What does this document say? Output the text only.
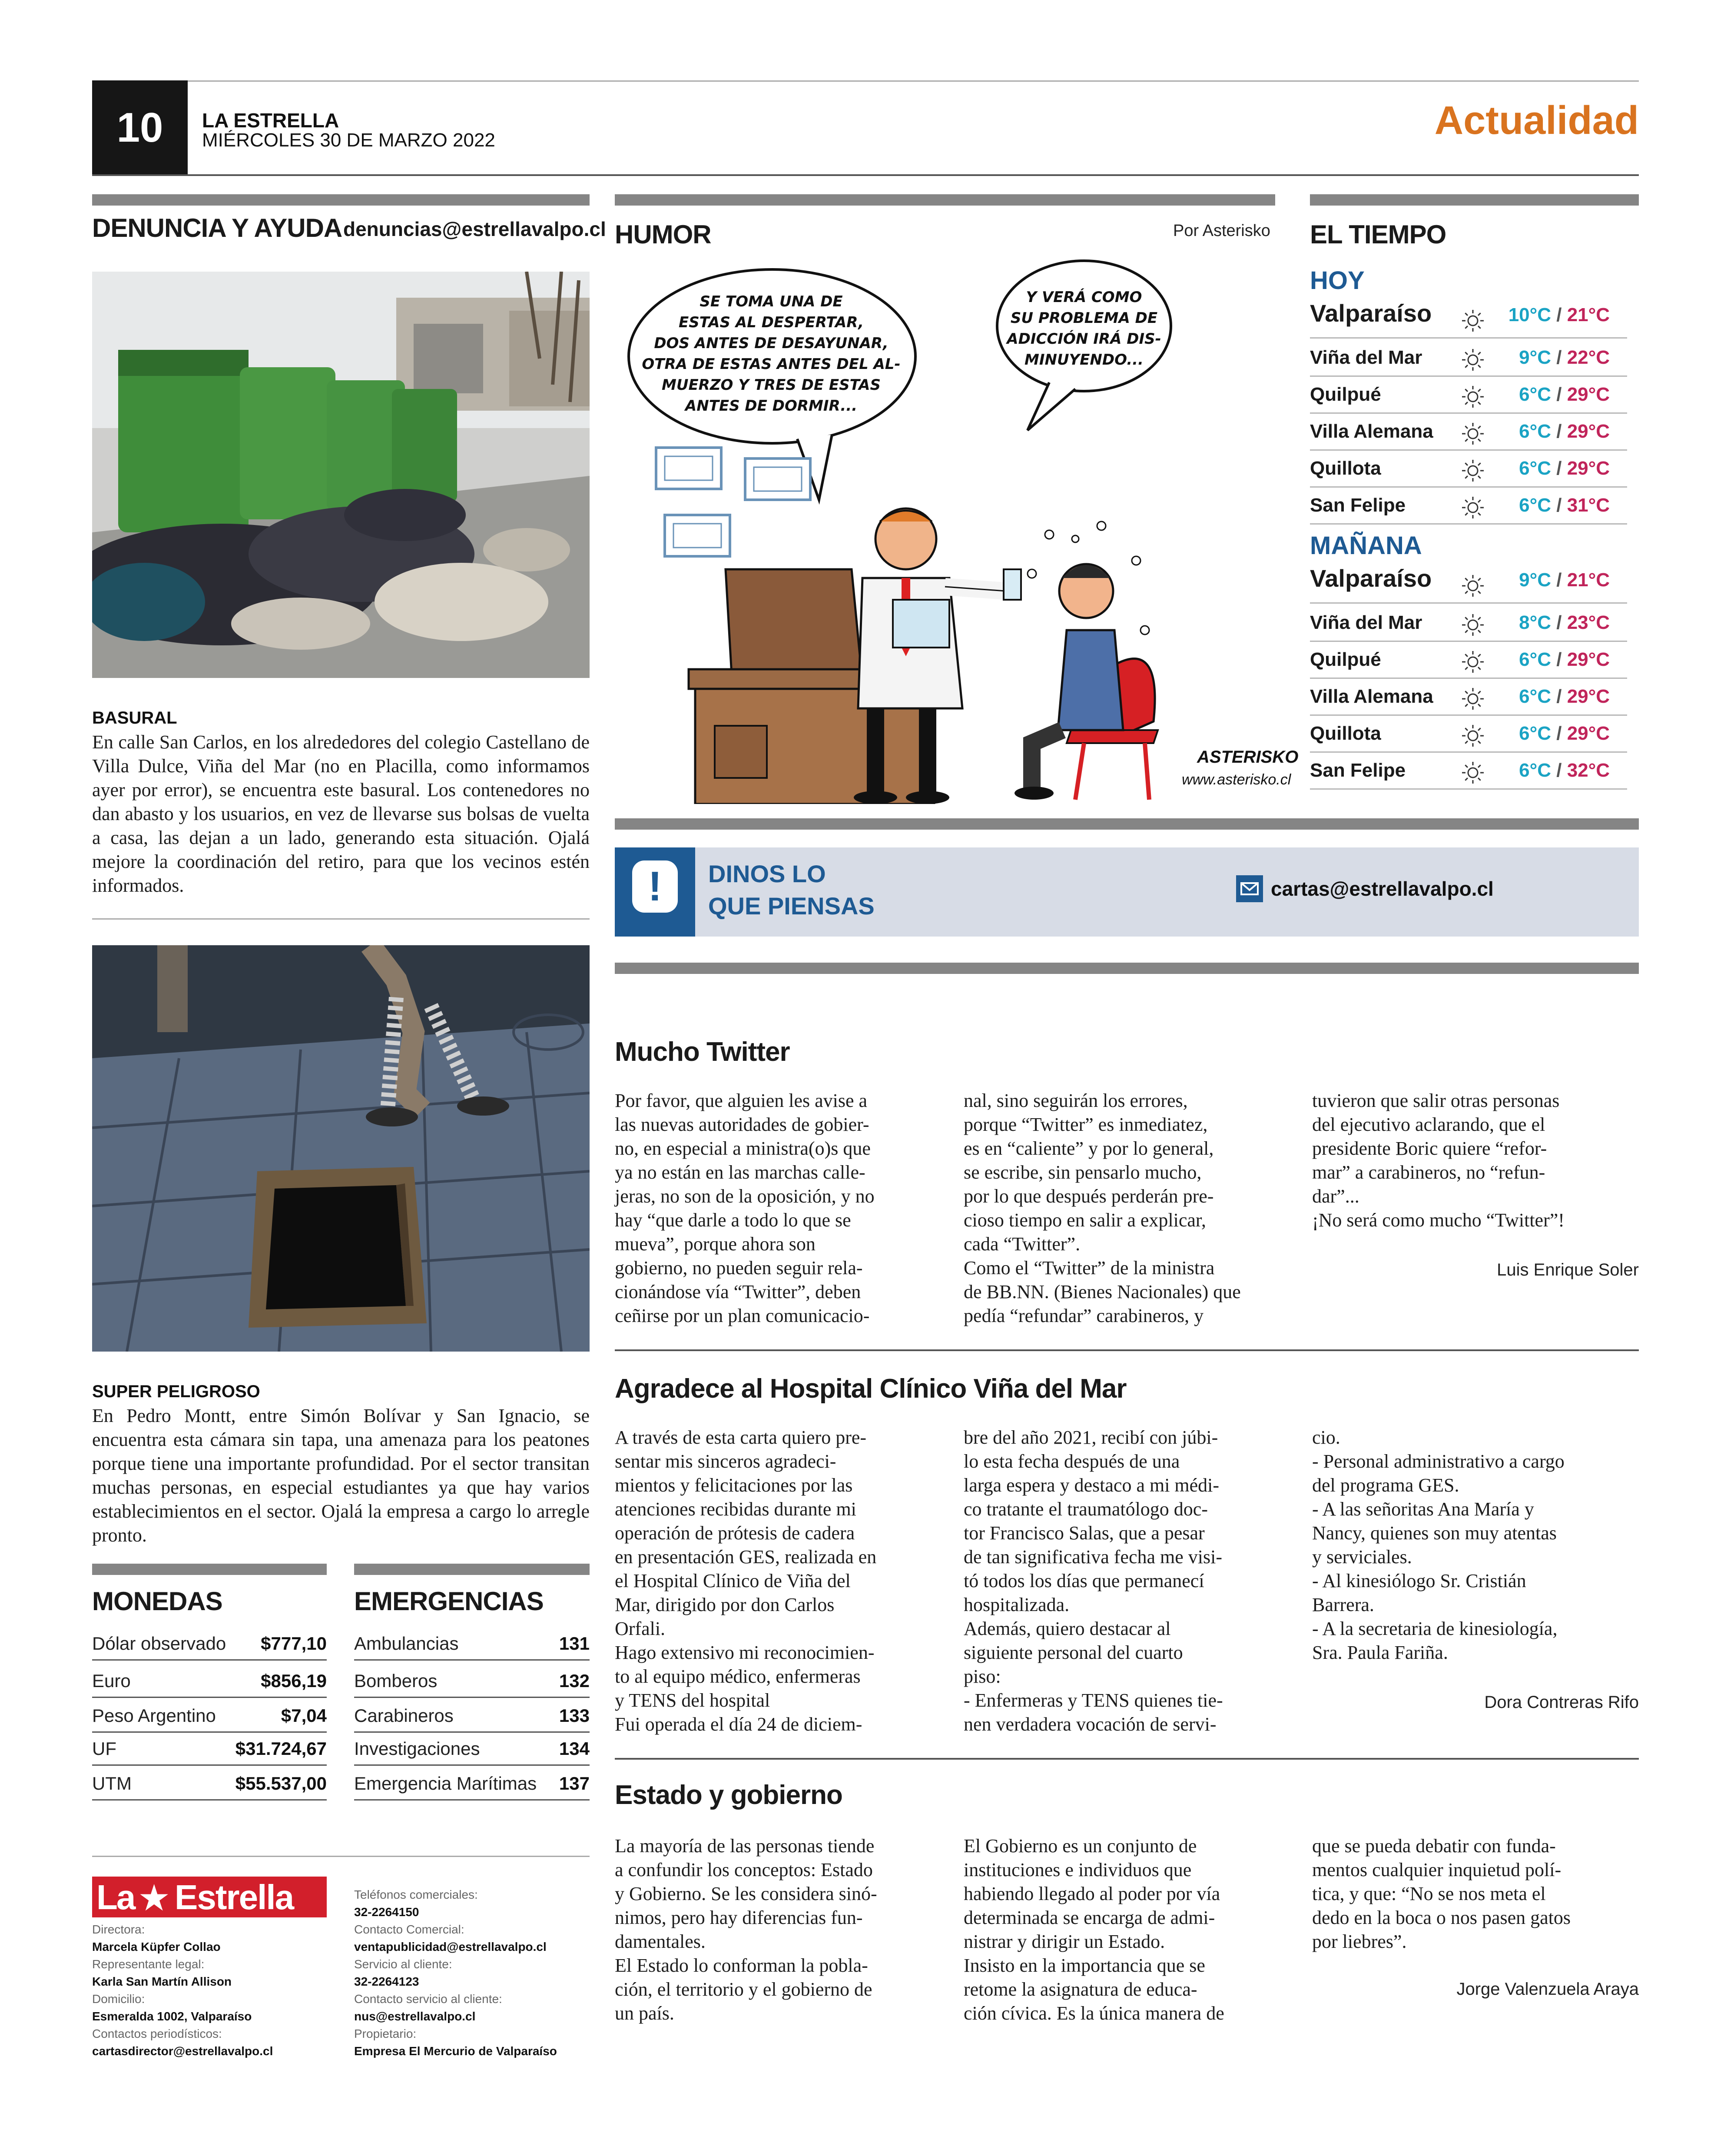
10	LA ESTRELLA
MIÉRCOLES 30 DE MARZO 2022	Actualidad
DENUNCIA Y AYUDA denuncias@estrellavalpo.cl
BASURAL
En calle San Carlos, en los alrededores del colegio Castellano de Villa Dulce, Viña del Mar (no en Placilla, como informamos ayer por error), se encuentra este basural. Los contenedores no dan abasto y los usuarios, en vez de llevarse sus bolsas de vuelta a casa, las dejan a un lado, generando esta situación. Ojalá mejore la coordinación del retiro, para que los vecinos estén informados.
SUPER PELIGROSO
En Pedro Montt, entre Simón Bolívar y San Ignacio, se encuentra esta cámara sin tapa, una amenaza para los peatones porque tiene una importante profundidad. Por el sector transitan muchas personas, en especial estudiantes ya que hay varios establecimientos en el sector. Ojalá la empresa a cargo lo arregle pronto.
MONEDAS
Dólar observado $777,10
Euro	$856,19
Peso Argentino	$7,04
UF	$31.724,67
UTM	$55.537,00
EMERGENCIAS
Ambulancias	131
Bomberos	132
Carabineros	133
Investigaciones	134
Emergencia Marítimas 137
La ★ Estrella
Directora:
Marcela Küpfer Collao
Representante legal:
Karla San Martín Allison
Domicilio:
Esmeralda 1002, Valparaíso
Contactos periodísticos:
cartasdirector@estrellavalpo.cl
Teléfonos comerciales:
32-2264150
Contacto Comercial:
ventapublicidad@estrellavalpo.cl
Servicio al cliente:
32-2264123
Contacto servicio al cliente:
nus@estrellavalpo.cl
Propietario:
Empresa El Mercurio de Valparaíso
HUMOR	Por Asterisko
SE TOMA UNA DE
ESTAS AL DESPERTAR,
DOS ANTES DE DESAYUNAR,
OTRA DE ESTAS ANTES DEL AL-
MUERZO Y TRES DE ESTAS
ANTES DE DORMIR...
Y VERÁ COMO
SU PROBLEMA DE
ADICCIÓN IRÁ DIS-
MINUYENDO...
ASTERISKO
www.asterisko.cl
EL TIEMPO
HOY
MAÑANA
Valparaíso	10°C / 21°C
Viña del Mar	9°C / 22°C
Quilpué	6°C / 29°C
Villa Alemana	6°C / 29°C
Quillota	6°C / 29°C
San Felipe	6°C / 31°C
Valparaíso	9°C / 21°C
Viña del Mar	8°C / 23°C
Quilpué	6°C / 29°C
Villa Alemana	6°C / 29°C
Quillota	6°C / 29°C
San Felipe	6°C / 32°C
!	DINOS LO
QUE PIENSAS
cartas@estrellavalpo.cl
Mucho Twitter
Por favor, que alguien les avise a
las nuevas autoridades de gobier-
no, en especial a ministra(o)s que
ya no están en las marchas calle-
jeras, no son de la oposición, y no
hay “que darle a todo lo que se
mueva”, porque ahora son
gobierno, no pueden seguir rela-
cionándose vía “Twitter”, deben
ceñirse por un plan comunicacio-
nal, sino seguirán los errores,
porque “Twitter” es inmediatez,
es en “caliente” y por lo general,
se escribe, sin pensarlo mucho,
por lo que después perderán pre-
cioso tiempo en salir a explicar,
cada “Twitter”.
Como el “Twitter” de la ministra
de BB.NN. (Bienes Nacionales) que
pedía “refundar” carabineros, y
tuvieron que salir otras personas
del ejecutivo aclarando, que el
presidente Boric quiere “refor-
mar” a carabineros, no “refun-
dar”...
¡No será como mucho “Twitter”!
Luis Enrique Soler
Agradece al Hospital Clínico Viña del Mar
A través de esta carta quiero pre-
sentar mis sinceros agradeci-
mientos y felicitaciones por las
atenciones recibidas durante mi
operación de prótesis de cadera
en presentación GES, realizada en
el Hospital Clínico de Viña del
Mar, dirigido por don Carlos
Orfali.
Hago extensivo mi reconocimien-
to al equipo médico, enfermeras
y TENS del hospital
Fui operada el día 24 de diciem-
bre del año 2021, recibí con júbi-
lo esta fecha después de una
larga espera y destaco a mi médi-
co tratante el traumatólogo doc-
tor Francisco Salas, que a pesar
de tan significativa fecha me visi-
tó todos los días que permanecí
hospitalizada.
Además, quiero destacar al
siguiente personal del cuarto
piso:
- Enfermeras y TENS quienes tie-
nen verdadera vocación de servi-
cio.
- Personal administrativo a cargo
del programa GES.
- A las señoritas Ana María y
Nancy, quienes son muy atentas
y serviciales.
- Al kinesiólogo Sr. Cristián
Barrera.
- A la secretaria de kinesiología,
Sra. Paula Fariña.
Dora Contreras Rifo
Estado y gobierno
La mayoría de las personas tiende
a confundir los conceptos: Estado
y Gobierno. Se les considera sinó-
nimos, pero hay diferencias fun-
damentales.
El Estado lo conforman la pobla-
ción, el territorio y el gobierno de
un país.
El Gobierno es un conjunto de
instituciones e individuos que
habiendo llegado al poder por vía
determinada se encarga de admi-
nistrar y dirigir un Estado.
Insisto en la importancia que se
retome la asignatura de educa-
ción cívica. Es la única manera de
que se pueda debatir con funda-
mentos cualquier inquietud polí-
tica, y que: “No se nos meta el
dedo en la boca o nos pasen gatos
por liebres”.
Jorge Valenzuela Araya
